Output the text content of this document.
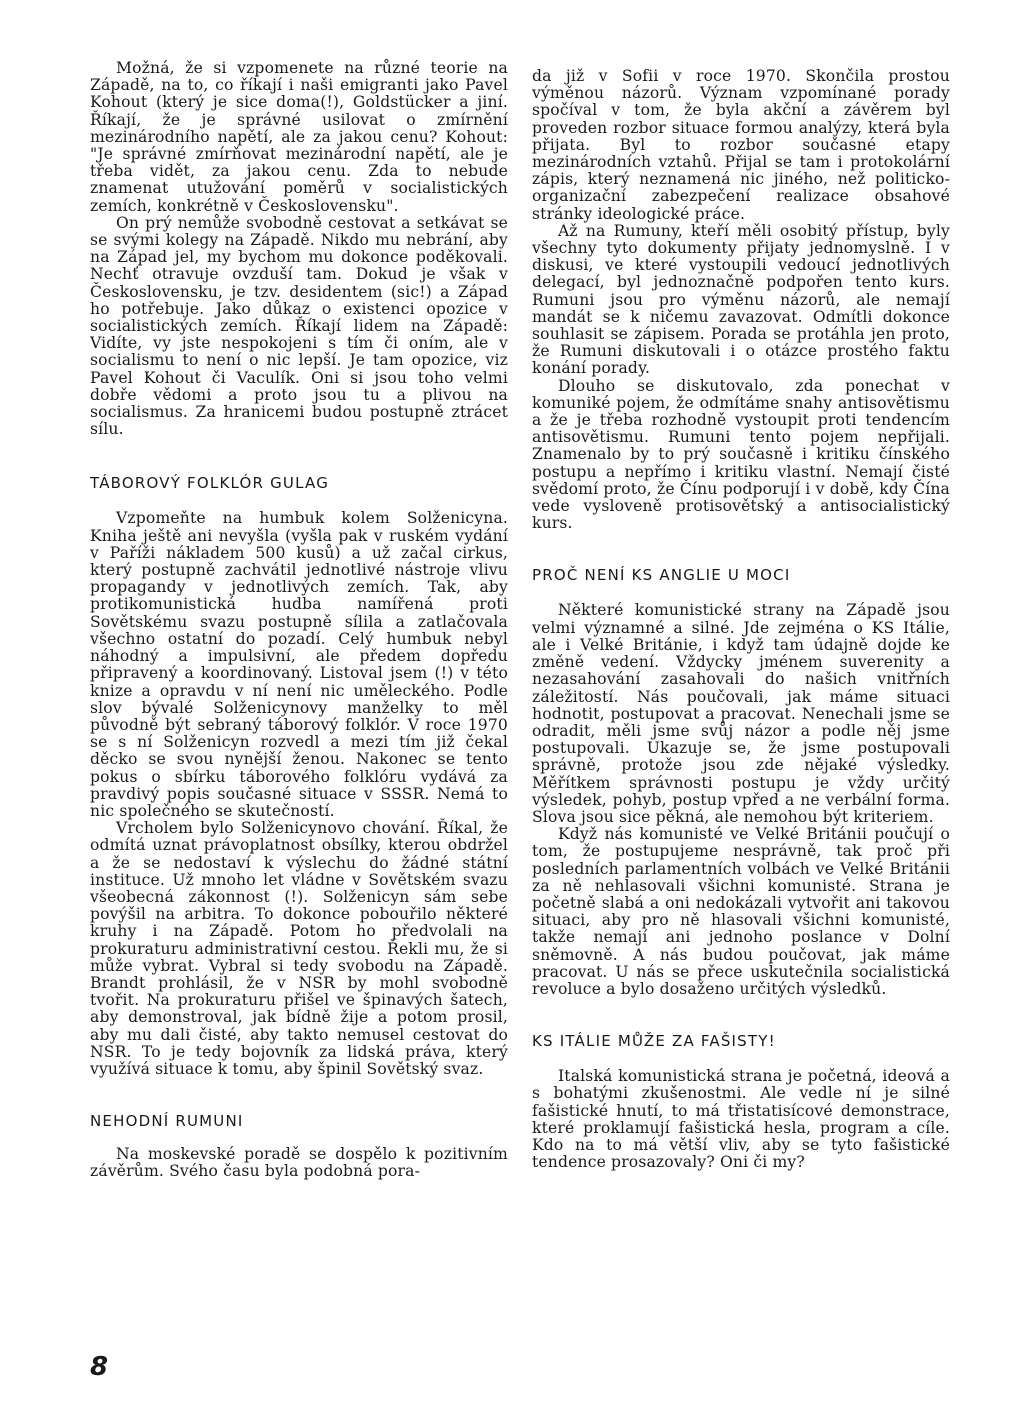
Možná, že si vzpomenete na různé teorie na Západě, na to, co říkají i naši emigranti jako Pavel Kohout (který je sice doma(!), Goldstücker a jiní. Říkají, že je správné usilovat o zmírnění mezinárodního napětí, ale za jakou cenu? Kohout: "Je správné zmírňovat mezinárodní napětí, ale je třeba vidět, za jakou cenu. Zda to nebude znamenat utužování poměrů v socialistických zemích, konkrétně v Československu".

On prý nemůže svobodně cestovat a setkávat se se svými kolegy na Západě. Nikdo mu nebrání, aby na Západ jel, my bychom mu dokonce poděkovali. Nechť otravuje ovzduší tam. Dokud je však v Československu, je tzv. desidentem (sic!) a Západ ho potřebuje. Jako důkaz o existenci opozice v socialistických zemích. Říkají lidem na Západě: Vidíte, vy jste nespokojeni s tím či oním, ale v socialismu to není o nic lepší. Je tam opozice, viz Pavel Kohout či Vaculík. Oni si jsou toho velmi dobře vědomi a proto jsou tu a plivou na socialismus. Za hranicemi budou postupně ztrácet sílu.

TÁBOROVÝ FOLKLÓR GULAG

Vzpomeňte na humbuk kolem Solženicyna. Kniha ještě ani nevyšla (vyšla pak v ruském vydání v Paříži nákladem 500 kusů) a už začal cirkus, který postupně zachvátil jednotlivé nástroje vlivu propagandy v jednotlivých zemích. Tak, aby protikomunistická hudba namířená proti Sovětskému svazu postupně sílila a zatlačovala všechno ostatní do pozadí. Celý humbuk nebyl náhodný a impulsivní, ale předem dopředu připravený a koordinovaný. Listoval jsem (!) v této knize a opravdu v ní není nic uměleckého. Podle slov bývalé Solženicynovy manželky to měl původně být sebraný táborový folklór. V roce 1970 se s ní Solženicyn rozvedl a mezi tím již čekal děcko se svou nynější ženou. Nakonec se tento pokus o sbírku táborového folklóru vydává za pravdivý popis současné situace v SSSR. Nemá to nic společného se skutečností.

Vrcholem bylo Solženicynovo chování. Říkal, že odmítá uznat právoplatnost obsílky, kterou obdržel a že se nedostaví k výslechu do žádné státní instituce. Už mnoho let vládne v Sovětském svazu všeobecná zákonnost (!). Solženicyn sám sebe povýšil na arbitra. To dokonce pobouřilo některé kruhy i na Západě. Potom ho předvolali na prokuraturu administrativní cestou. Řekli mu, že si může vybrat. Vybral si tedy svobodu na Západě. Brandt prohlásil, že v NSR by mohl svobodně tvořit. Na prokuraturu přišel ve špinavých šatech, aby demonstroval, jak bídně žije a potom prosil, aby mu dali čisté, aby takto nemusel cestovat do NSR. To je tedy bojovník za lidská práva, který využívá situace k tomu, aby špinil Sovětský svaz.

NEHODNÍ RUMUNI

Na moskevské poradě se dospělo k pozitivním závěrům. Svého času byla podobná pora-

da již v Sofii v roce 1970. Skončila prostou výměnou názorů. Význam vzpomínané porady spočíval v tom, že byla akční a závěrem byl proveden rozbor situace formou analýzy, která byla přijata. Byl to rozbor současné etapy mezinárodních vztahů. Přijal se tam i protokolární zápis, který neznamená nic jiného, než politicko-organizační zabezpečení realizace obsahové stránky ideologické práce.

Až na Rumuny, kteří měli osobitý přístup, byly všechny tyto dokumenty přijaty jednomyslně. I v diskusi, ve které vystoupili vedoucí jednotlivých delegací, byl jednoznačně podpořen tento kurs. Rumuni jsou pro výměnu názorů, ale nemají mandát se k ničemu zavazovat. Odmítli dokonce souhlasit se zápisem. Porada se protáhla jen proto, že Rumuni diskutovali i o otázce prostého faktu konání porady.

Dlouho se diskutovalo, zda ponechat v komuniké pojem, že odmítáme snahy antisovětismu a že je třeba rozhodně vystoupit proti tendencím antisovětismu. Rumuni tento pojem nepřijali. Znamenalo by to prý současně i kritiku čínského postupu a nepřímo i kritiku vlastní. Nemají čisté svědomí proto, že Čínu podporují i v době, kdy Čína vede vysloveně protisovětský a antisocialistický kurs.

PROČ NENÍ KS ANGLIE U MOCI

Některé komunistické strany na Západě jsou velmi významné a silné. Jde zejména o KS Itálie, ale i Velké Británie, i když tam údajně dojde ke změně vedení. Vždycky jménem suverenity a nezasahování zasahovali do našich vnitřních záležitostí. Nás poučovali, jak máme situaci hodnotit, postupovat a pracovat. Nenechali jsme se odradit, měli jsme svůj názor a podle něj jsme postupovali. Ukazuje se, že jsme postupovali správně, protože jsou zde nějaké výsledky. Měřítkem správnosti postupu je vždy určitý výsledek, pohyb, postup vpřed a ne verbální forma. Slova jsou sice pěkná, ale nemohou být kriteriem.

Když nás komunisté ve Velké Británii poučují o tom, že postupujeme nesprávně, tak proč při posledních parlamentních volbách ve Velké Británii za ně nehlasovali všichni komunisté. Strana je početně slabá a oni nedokázali vytvořit ani takovou situaci, aby pro ně hlasovali všichni komunisté, takže nemají ani jednoho poslance v Dolní sněmovně. A nás budou poučovat, jak máme pracovat. U nás se přece uskutečnila socialistická revoluce a bylo dosaženo určitých výsledků.

KS ITÁLIE MŮŽE ZA FAŠISTY!

Italská komunistická strana je početná, ideová a s bohatými zkušenostmi. Ale vedle ní je silné fašistické hnutí, to má třistatisícové demonstrace, které proklamují fašistická hesla, program a cíle. Kdo na to má větší vliv, aby se tyto fašistické tendence prosazovaly? Oni či my?

8
